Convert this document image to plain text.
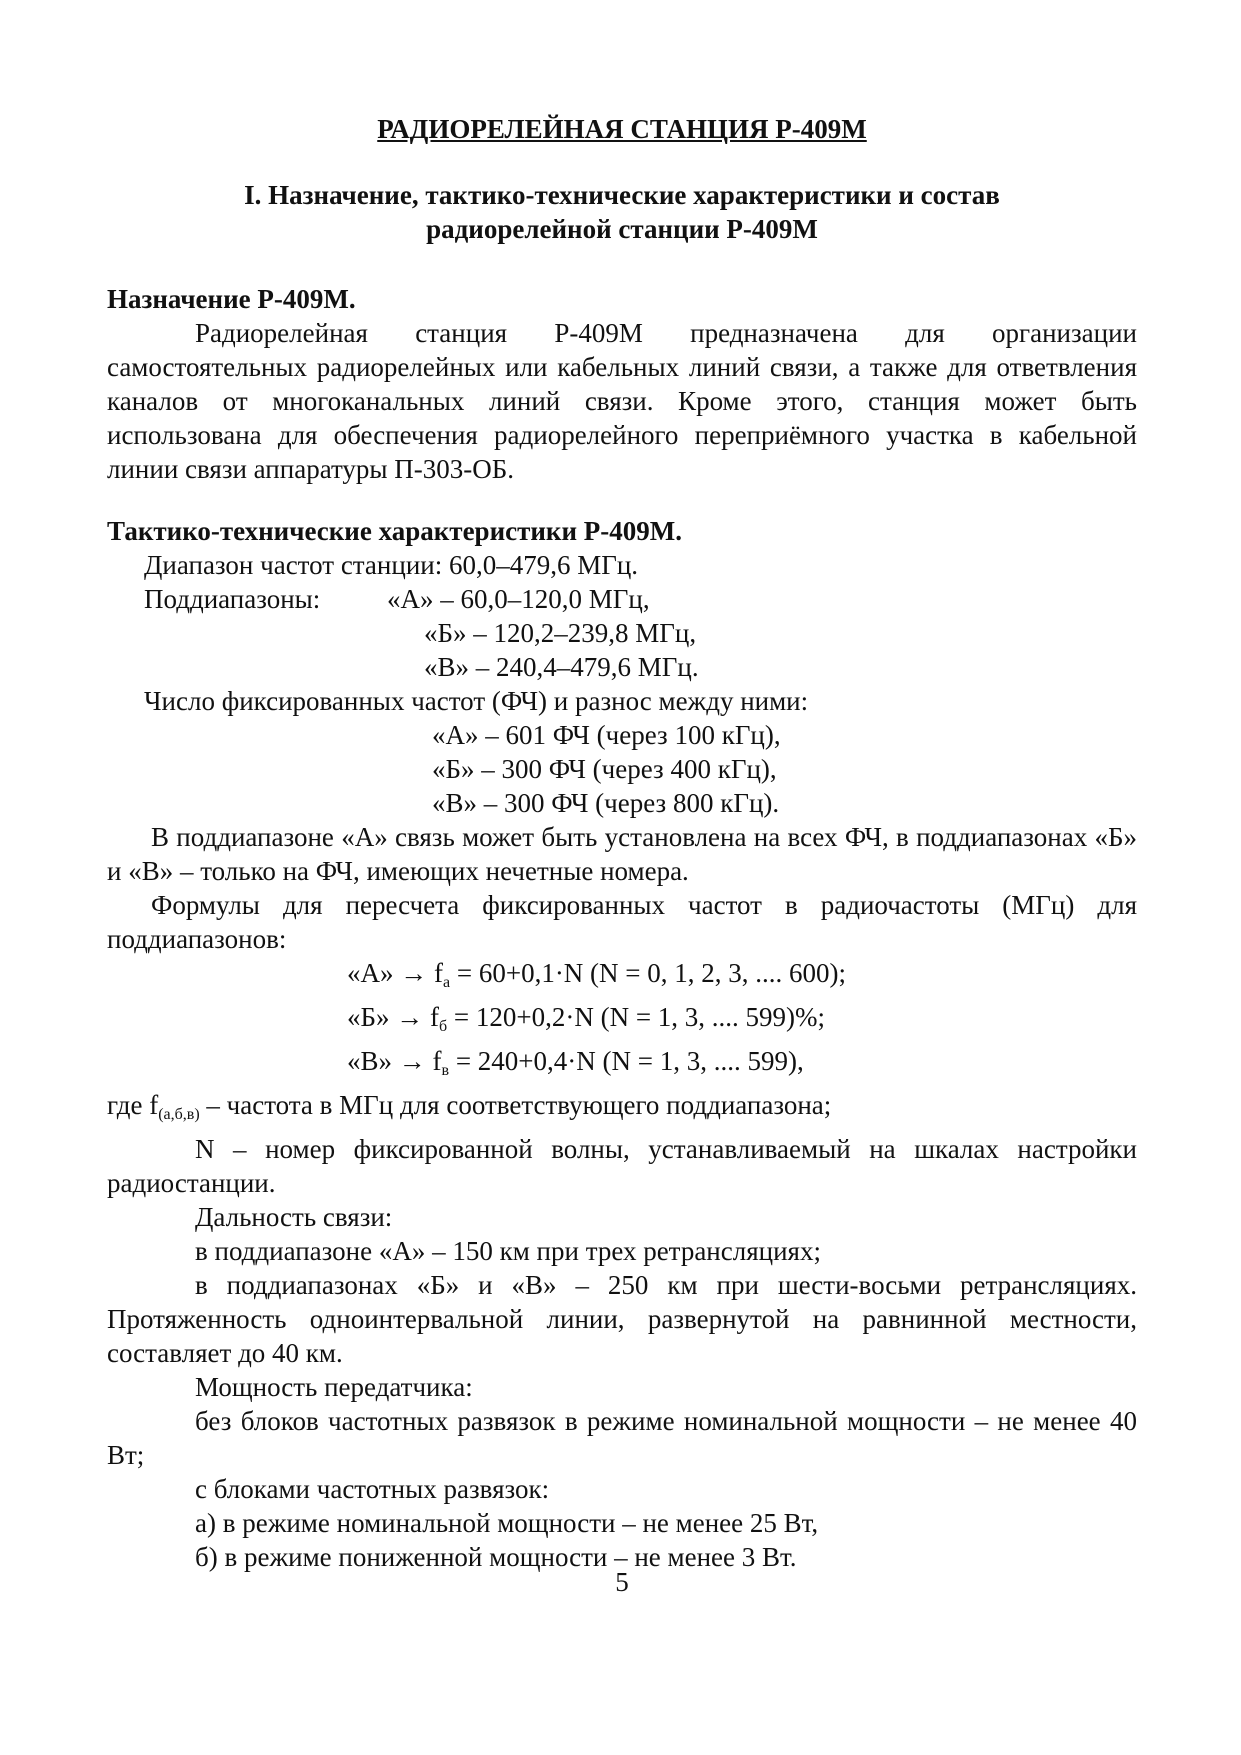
РАДИОРЕЛЕЙНАЯ СТАНЦИЯ Р-409М

I. Назначение, тактико-технические характеристики и состав
радиорелейной станции Р-409М

Назначение Р-409М.

Радиорелейная станция Р-409М предназначена для организации самостоятельных радиорелейных или кабельных линий связи, а также для ответвления каналов от многоканальных линий связи. Кроме этого, станция может быть использована для обеспечения радиорелейного переприёмного участка в кабельной линии связи аппаратуры П-303-ОБ.

Тактико-технические характеристики Р-409М.

Диапазон частот станции: 60,0–479,6 МГц.

Поддиапазоны:	«А» – 60,0–120,0 МГц,
«Б» – 120,2–239,8 МГц,
«В» – 240,4–479,6 МГц.

Число фиксированных частот (ФЧ) и разнос между ними:

«А» – 601 ФЧ (через 100 кГц),
«Б» – 300 ФЧ (через 400 кГц),
«В» – 300 ФЧ (через 800 кГц).

В поддиапазоне «А» связь может быть установлена на всех ФЧ, в поддиапазонах «Б» и «В» – только на ФЧ, имеющих нечетные номера.

Формулы для пересчета фиксированных частот в радиочастоты (МГц) для поддиапазонов:

«А» → $f_а = 60+0,1\cdot N$ (N = 0, 1, 2, 3, .... 600);
«Б» → $f_б = 120+0,2\cdot N$ (N = 1, 3, .... 599)%;
«В» → $f_в = 240+0,4\cdot N$ (N = 1, 3, .... 599),

где $f_{(а,б,в)}$ – частота в МГц для соответствующего поддиапазона;

N – номер фиксированной волны, устанавливаемый на шкалах настройки радиостанции.

Дальность связи:

в поддиапазоне «А» – 150 км при трех ретрансляциях;

в поддиапазонах «Б» и «В» – 250 км при шести-восьми ретрансляциях. Протяженность одноинтервальной линии, развернутой на равнинной местности, составляет до 40 км.

Мощность передатчика:

без блоков частотных развязок в режиме номинальной мощности – не менее 40 Вт;

с блоками частотных развязок:

а) в режиме номинальной мощности – не менее 25 Вт,

б) в режиме пониженной мощности – не менее 3 Вт.

5
